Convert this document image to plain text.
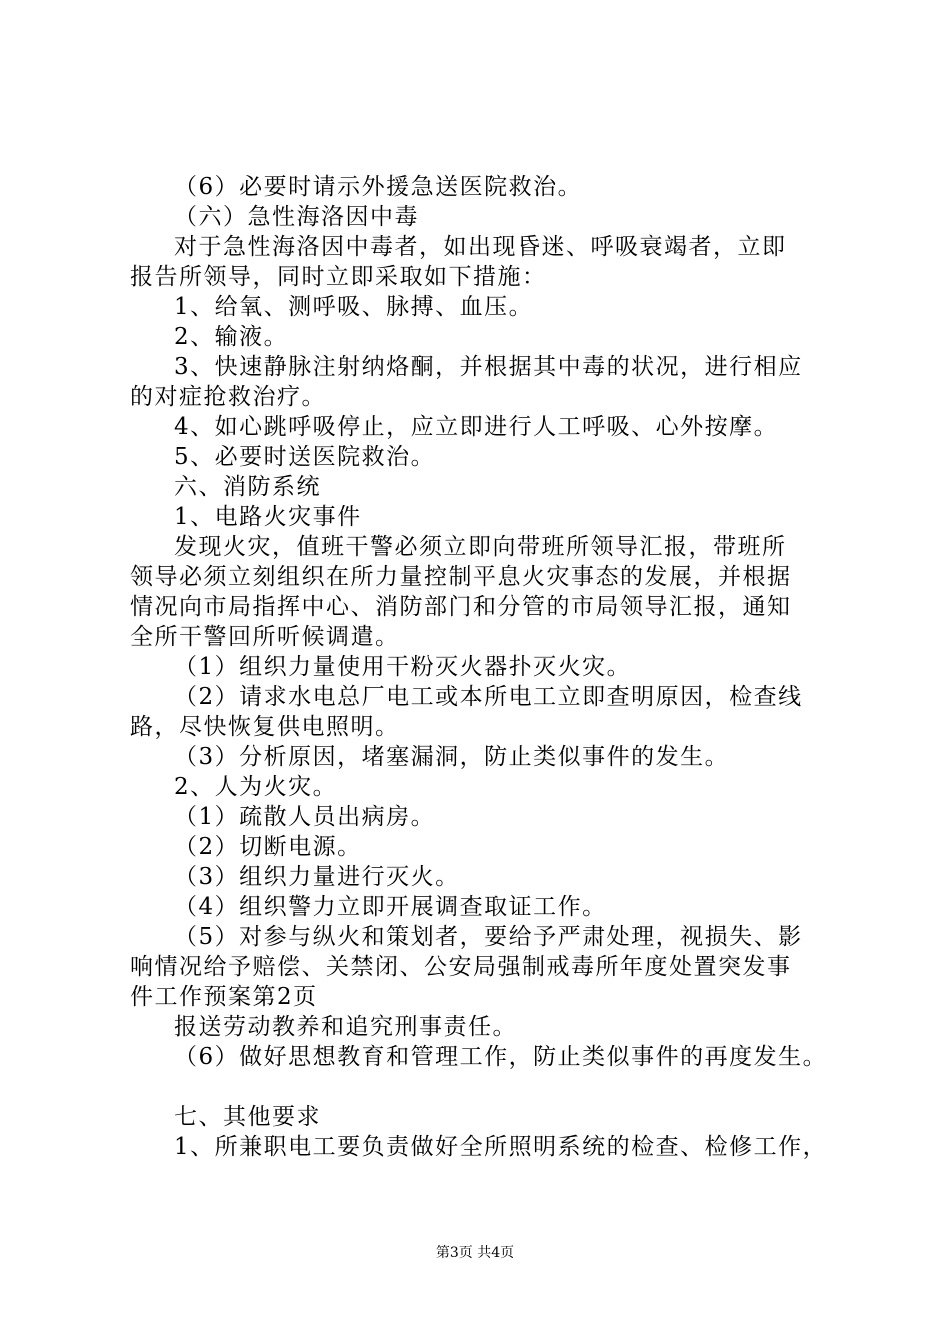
（6）必要时请示外援急送医院救治。
（六）急性海洛因中毒
对于急性海洛因中毒者，如出现昏迷、呼吸衰竭者，立即
报告所领导，同时立即采取如下措施：
1、给氧、测呼吸、脉搏、血压。
2、输液。
3、快速静脉注射纳烙酮，并根据其中毒的状况，进行相应
的对症抢救治疗。
4、如心跳呼吸停止，应立即进行人工呼吸、心外按摩。
5、必要时送医院救治。
六、消防系统
1、电路火灾事件
发现火灾，值班干警必须立即向带班所领导汇报，带班所
领导必须立刻组织在所力量控制平息火灾事态的发展，并根据
情况向市局指挥中心、消防部门和分管的市局领导汇报，通知
全所干警回所听候调遣。
（1）组织力量使用干粉灭火器扑灭火灾。
（2）请求水电总厂电工或本所电工立即查明原因，检查线
路，尽快恢复供电照明。
（3）分析原因，堵塞漏洞，防止类似事件的发生。
2、人为火灾。
（1）疏散人员出病房。
（2）切断电源。
（3）组织力量进行灭火。
（4）组织警力立即开展调查取证工作。
（5）对参与纵火和策划者，要给予严肃处理，视损失、影
响情况给予赔偿、关禁闭、公安局强制戒毒所年度处置突发事
件工作预案第2页
报送劳动教养和追究刑事责任。
（6）做好思想教育和管理工作，防止类似事件的再度发生。
七、其他要求
1、所兼职电工要负责做好全所照明系统的检查、检修工作，
第3页 共4页
